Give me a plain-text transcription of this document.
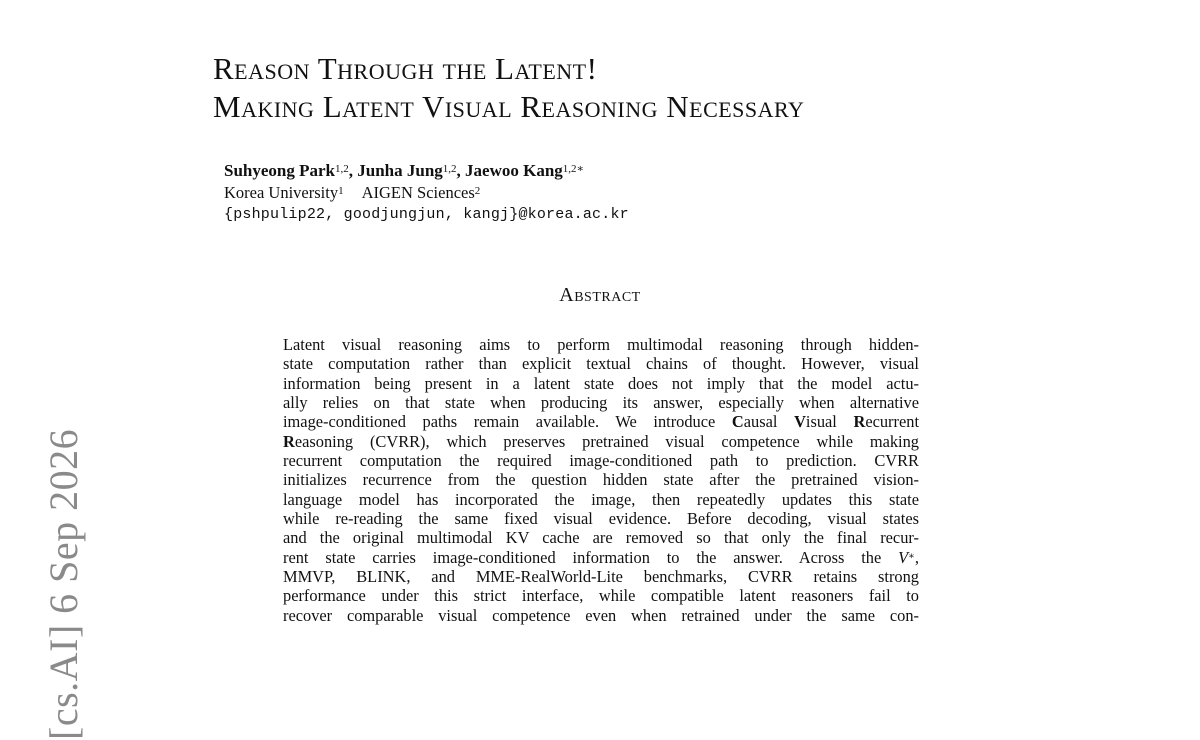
[cs.AI] 6 Sep 2026
Reason Through the Latent!
Making Latent Visual Reasoning Necessary
Suhyeong Park$^{1,2}$, Junha Jung$^{1,2}$, Jaewoo Kang$^{1,2∗}$
Korea University$^1$ AIGEN Sciences$^2$
{pshpulip22, goodjungjun, kangj}@korea.ac.kr
Abstract
Latent visual reasoning aims to perform multimodal reasoning through hidden-
state computation rather than explicit textual chains of thought. However, visual
information being present in a latent state does not imply that the model actu-
ally relies on that state when producing its answer, especially when alternative
image-conditioned paths remain available. We introduce Causal Visual Recurrent
Reasoning (CVRR), which preserves pretrained visual competence while making
recurrent computation the required image-conditioned path to prediction. CVRR
initializes recurrence from the question hidden state after the pretrained vision-
language model has incorporated the image, then repeatedly updates this state
while re-reading the same fixed visual evidence. Before decoding, visual states
and the original multimodal KV cache are removed so that only the final recur-
rent state carries image-conditioned information to the answer. Across the V∗,
MMVP, BLINK, and MME-RealWorld-Lite benchmarks, CVRR retains strong
performance under this strict interface, while compatible latent reasoners fail to
recover comparable visual competence even when retrained under the same con-
